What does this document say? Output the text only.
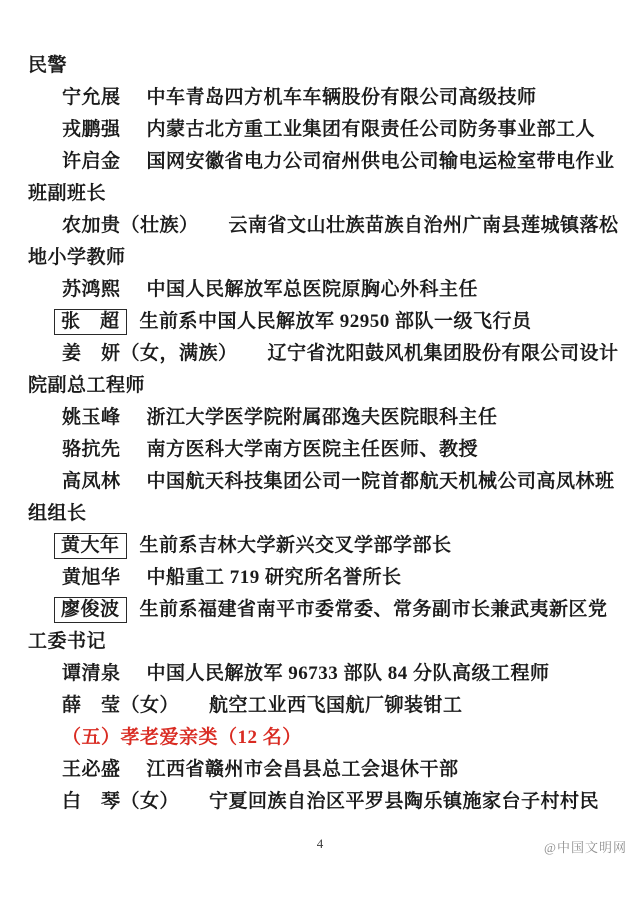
民警
宁允展 中车青岛四方机车车辆股份有限公司高级技师
戎鹏强 内蒙古北方重工业集团有限责任公司防务事业部工人
许启金 国网安徽省电力公司宿州供电公司输电运检室带电作业
班副班长
农加贵（壮族） 云南省文山壮族苗族自治州广南县莲城镇落松
地小学教师
苏鸿熙 中国人民解放军总医院原胸心外科主任
张　超 生前系中国人民解放军 92950 部队一级飞行员
姜　妍（女，满族） 辽宁省沈阳鼓风机集团股份有限公司设计
院副总工程师
姚玉峰 浙江大学医学院附属邵逸夫医院眼科主任
骆抗先 南方医科大学南方医院主任医师、教授
高凤林 中国航天科技集团公司一院首都航天机械公司高凤林班
组组长
黄大年 生前系吉林大学新兴交叉学部学部长
黄旭华 中船重工 719 研究所名誉所长
廖俊波 生前系福建省南平市委常委、常务副市长兼武夷新区党
工委书记
谭清泉 中国人民解放军 96733 部队 84 分队高级工程师
薛　莹（女） 航空工业西飞国航厂铆装钳工
（五）孝老爱亲类（12 名）
王必盛 江西省赣州市会昌县总工会退休干部
白　琴（女） 宁夏回族自治区平罗县陶乐镇施家台子村村民
4	@中国文明网
